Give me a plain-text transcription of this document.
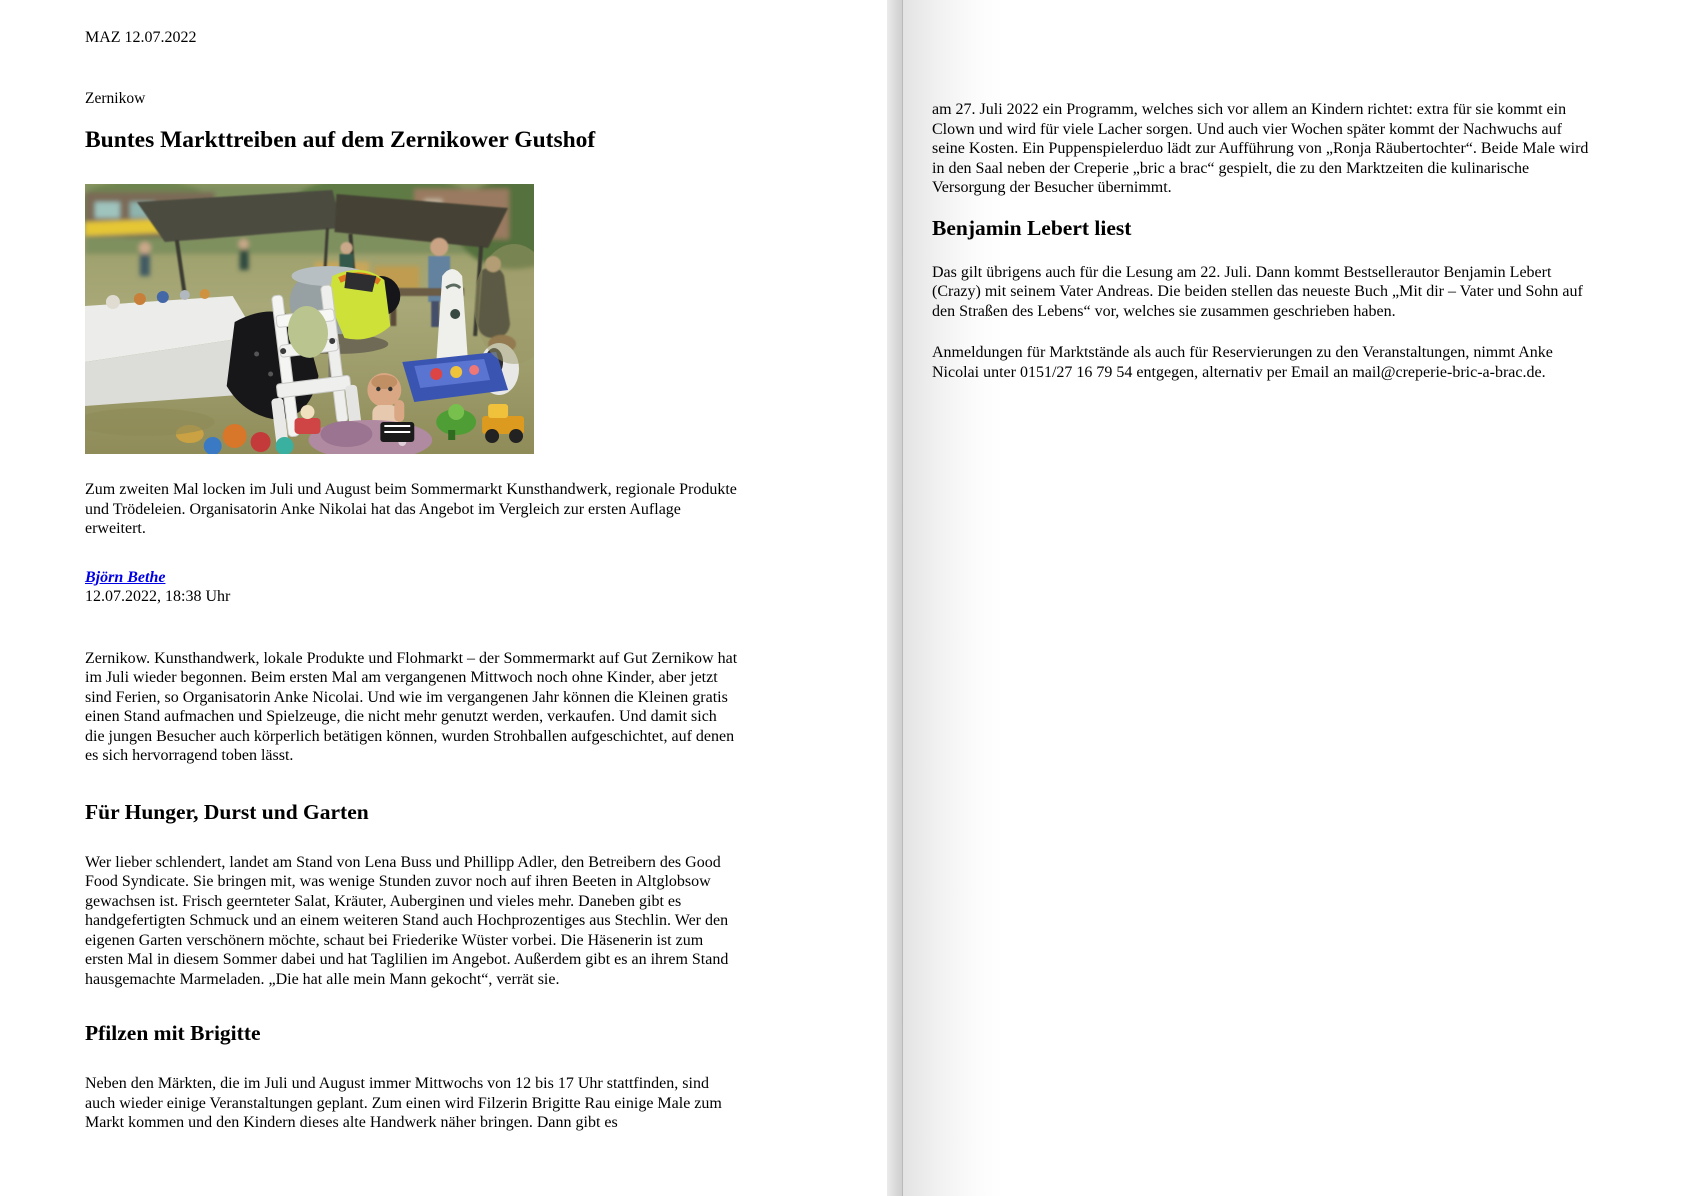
MAZ 12.07.2022
Zernikow
Buntes Markttreiben auf dem Zernikower Gutshof

Zum zweiten Mal locken im Juli und August beim Sommermarkt Kunsthandwerk, regionale Produkte und Trödeleien. Organisatorin Anke Nikolai hat das Angebot im Vergleich zur ersten Auflage erweitert.

Björn Bethe
12.07.2022, 18:38 Uhr

Zernikow. Kunsthandwerk, lokale Produkte und Flohmarkt – der Sommermarkt auf Gut Zernikow hat im Juli wieder begonnen. Beim ersten Mal am vergangenen Mittwoch noch ohne Kinder, aber jetzt sind Ferien, so Organisatorin Anke Nicolai. Und wie im vergangenen Jahr können die Kleinen gratis einen Stand aufmachen und Spielzeuge, die nicht mehr genutzt werden, verkaufen. Und damit sich die jungen Besucher auch körperlich betätigen können, wurden Strohballen aufgeschichtet, auf denen es sich hervorragend toben lässt.

Für Hunger, Durst und Garten

Wer lieber schlendert, landet am Stand von Lena Buss und Phillipp Adler, den Betreibern des Good Food Syndicate. Sie bringen mit, was wenige Stunden zuvor noch auf ihren Beeten in Altglobsow gewachsen ist. Frisch geernteter Salat, Kräuter, Auberginen und vieles mehr. Daneben gibt es handgefertigten Schmuck und an einem weiteren Stand auch Hochprozentiges aus Stechlin. Wer den eigenen Garten verschönern möchte, schaut bei Friederike Wüster vorbei. Die Häsenerin ist zum ersten Mal in diesem Sommer dabei und hat Taglilien im Angebot. Außerdem gibt es an ihrem Stand hausgemachte Marmeladen. „Die hat alle mein Mann gekocht“, verrät sie.

Pfilzen mit Brigitte

Neben den Märkten, die im Juli und August immer Mittwochs von 12 bis 17 Uhr stattfinden, sind auch wieder einige Veranstaltungen geplant. Zum einen wird Filzerin Brigitte Rau einige Male zum Markt kommen und den Kindern dieses alte Handwerk näher bringen. Dann gibt es

am 27. Juli 2022 ein Programm, welches sich vor allem an Kindern richtet: extra für sie kommt ein Clown und wird für viele Lacher sorgen. Und auch vier Wochen später kommt der Nachwuchs auf seine Kosten. Ein Puppenspielerduo lädt zur Aufführung von „Ronja Räubertochter“. Beide Male wird in den Saal neben der Creperie „bric a brac“ gespielt, die zu den Marktzeiten die kulinarische Versorgung der Besucher übernimmt.

Benjamin Lebert liest

Das gilt übrigens auch für die Lesung am 22. Juli. Dann kommt Bestsellerautor Benjamin Lebert (Crazy) mit seinem Vater Andreas. Die beiden stellen das neueste Buch „Mit dir – Vater und Sohn auf den Straßen des Lebens“ vor, welches sie zusammen geschrieben haben.

Anmeldungen für Marktstände als auch für Reservierungen zu den Veranstaltungen, nimmt Anke Nicolai unter 0151/27 16 79 54 entgegen, alternativ per Email an mail@creperie-bric-a-brac.de.
